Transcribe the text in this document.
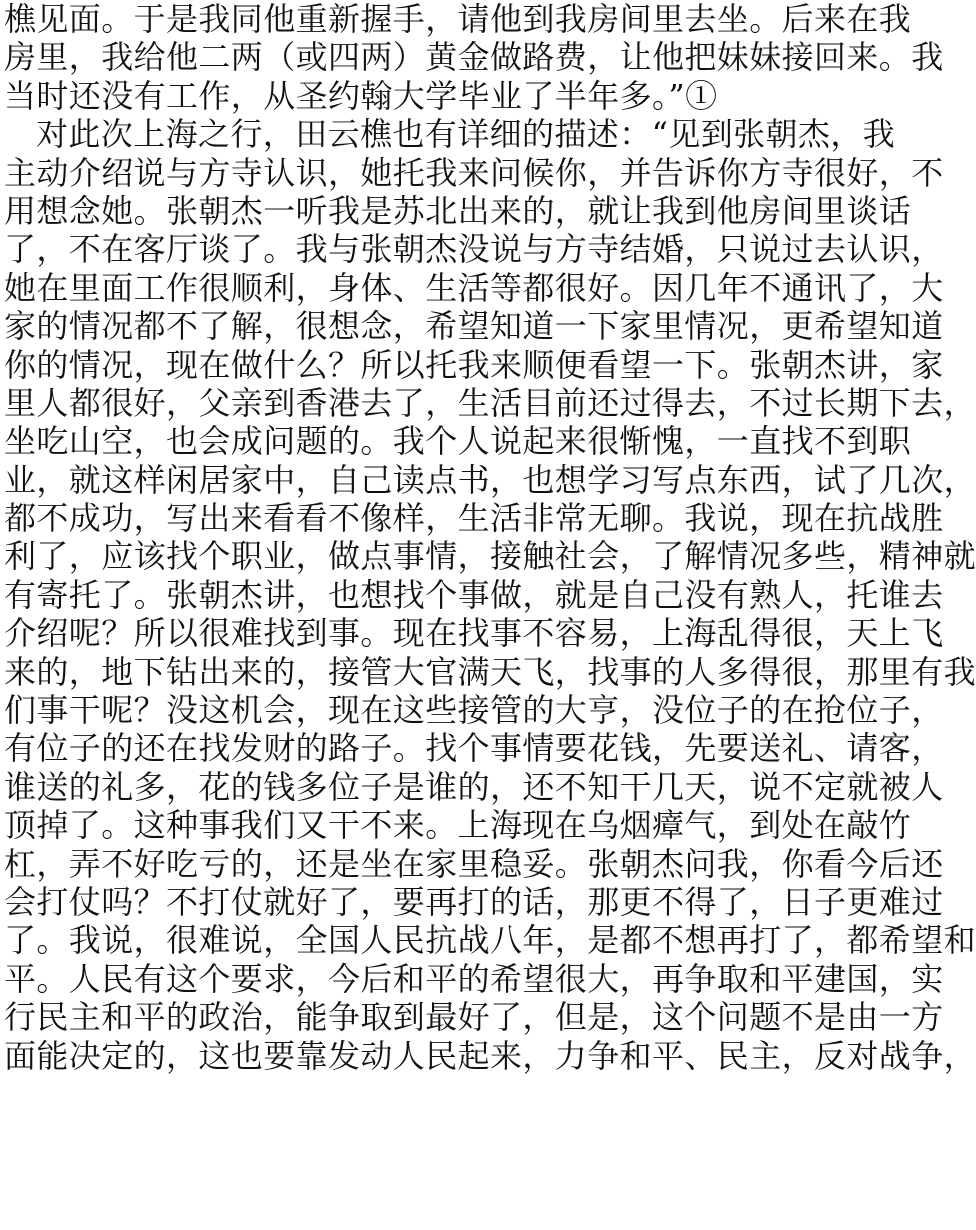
樵见面。于是我同他重新握手，请他到我房间里去坐。后来在我
房里，我给他二两（或四两）黄金做路费，让他把妹妹接回来。我
当时还没有工作，从圣约翰大学毕业了半年多。”①
对此次上海之行，田云樵也有详细的描述：“见到张朝杰，我
主动介绍说与方寺认识，她托我来问候你，并告诉你方寺很好，不
用想念她。张朝杰一听我是苏北出来的，就让我到他房间里谈话
了，不在客厅谈了。我与张朝杰没说与方寺结婚，只说过去认识，
她在里面工作很顺利，身体、生活等都很好。因几年不通讯了，大
家的情况都不了解，很想念，希望知道一下家里情况，更希望知道
你的情况，现在做什么？所以托我来顺便看望一下。张朝杰讲，家
里人都很好，父亲到香港去了，生活目前还过得去，不过长期下去，
坐吃山空，也会成问题的。我个人说起来很惭愧，一直找不到职
业，就这样闲居家中，自己读点书，也想学习写点东西，试了几次，
都不成功，写出来看看不像样，生活非常无聊。我说，现在抗战胜
利了，应该找个职业，做点事情，接触社会，了解情况多些，精神就
有寄托了。张朝杰讲，也想找个事做，就是自己没有熟人，托谁去
介绍呢？所以很难找到事。现在找事不容易，上海乱得很，天上飞
来的，地下钻出来的，接管大官满天飞，找事的人多得很，那里有我
们事干呢？没这机会，现在这些接管的大亨，没位子的在抢位子，
有位子的还在找发财的路子。找个事情要花钱，先要送礼、请客，
谁送的礼多，花的钱多位子是谁的，还不知干几天，说不定就被人
顶掉了。这种事我们又干不来。上海现在乌烟瘴气，到处在敲竹
杠，弄不好吃亏的，还是坐在家里稳妥。张朝杰问我，你看今后还
会打仗吗？不打仗就好了，要再打的话，那更不得了，日子更难过
了。我说，很难说，全国人民抗战八年，是都不想再打了，都希望和
平。人民有这个要求，今后和平的希望很大，再争取和平建国，实
行民主和平的政治，能争取到最好了，但是，这个问题不是由一方
面能决定的，这也要靠发动人民起来，力争和平、民主，反对战争，
